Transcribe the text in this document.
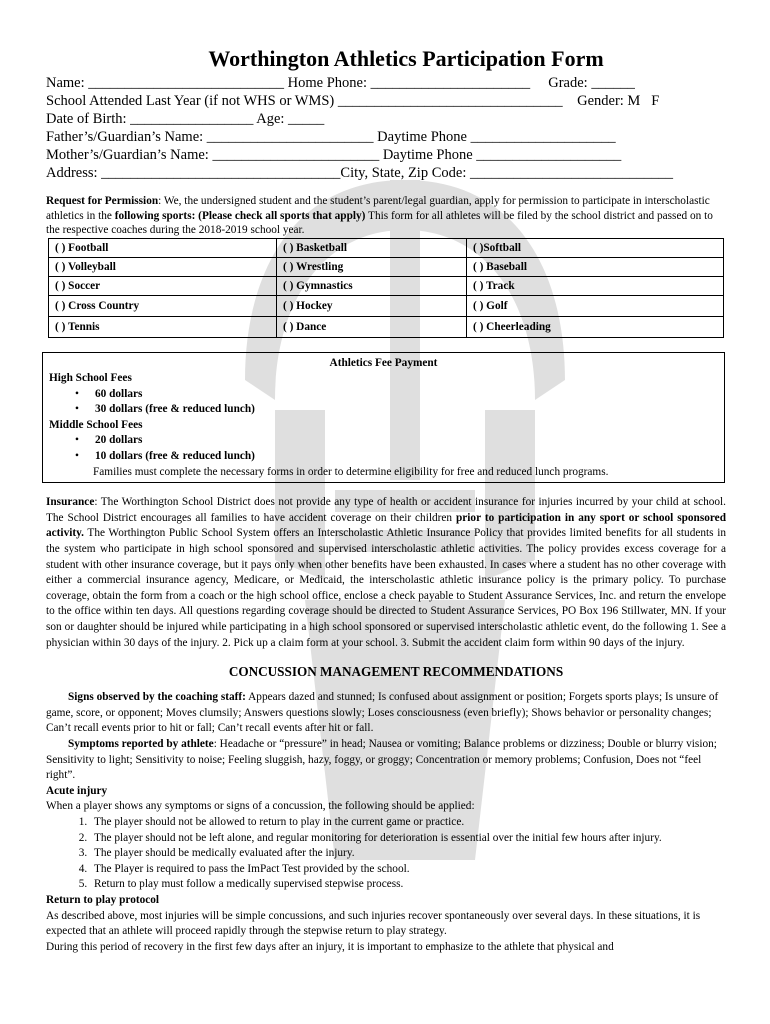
Worthington Athletics Participation Form
Name: ___________________________ Home Phone: ______________________     Grade: ______
School Attended Last Year (if not WHS or WMS) _______________________________    Gender: M   F
Date of Birth: _________________ Age: _____
Father’s/Guardian’s Name: _______________________ Daytime Phone ____________________
Mother’s/Guardian’s Name: _______________________ Daytime Phone ____________________
Address: _________________________________City, State, Zip Code: ____________________________

Request for Permission: We, the undersigned student and the student’s parent/legal guardian, apply for permission to participate in interscholastic athletics in the following sports: (Please check all sports that apply) This form for all athletes will be filed by the school district and passed on to the respective coaches during the 2018-2019 school year.

( ) Football	( ) Basketball	( )Softball
( ) Volleyball	( ) Wrestling	( ) Baseball
( ) Soccer	( ) Gymnastics	( ) Track
( ) Cross Country	( ) Hockey	( ) Golf
( ) Tennis	( ) Dance	( ) Cheerleading
Athletics Fee Payment
High School Fees
• 60 dollars
• 30 dollars (free & reduced lunch)
Middle School Fees
• 20 dollars
• 10 dollars (free & reduced lunch)
Families must complete the necessary forms in order to determine eligibility for free and reduced lunch programs.

Insurance: The Worthington School District does not provide any type of health or accident insurance for injuries incurred by your child at school. The School District encourages all families to have accident coverage on their children prior to participation in any sport or school sponsored activity. The Worthington Public School System offers an Interscholastic Athletic Insurance Policy that provides limited benefits for all students in the system who participate in high school sponsored and supervised interscholastic athletic activities. The policy provides excess coverage for a student with other insurance coverage, but it pays only when other benefits have been exhausted. In cases where a student has no other coverage with either a commercial insurance agency, Medicare, or Medicaid, the interscholastic athletic insurance policy is the primary policy. To purchase coverage, obtain the form from a coach or the high school office, enclose a check payable to Student Assurance Services, Inc. and return the envelope to the office within ten days. All questions regarding coverage should be directed to Student Assurance Services, PO Box 196 Stillwater, MN. If your son or daughter should be injured while participating in a high school sponsored or supervised interscholastic athletic event, do the following 1. See a physician within 30 days of the injury. 2. Pick up a claim form at your school. 3. Submit the accident claim form within 90 days of the injury.

CONCUSSION MANAGEMENT RECOMMENDATIONS

Signs observed by the coaching staff: Appears dazed and stunned; Is confused about assignment or position; Forgets sports plays; Is unsure of game, score, or opponent; Moves clumsily; Answers questions slowly; Loses consciousness (even briefly); Shows behavior or personality changes; Can’t recall events prior to hit or fall; Can’t recall events after hit or fall.

Symptoms reported by athlete: Headache or “pressure” in head; Nausea or vomiting; Balance problems or dizziness; Double or blurry vision; Sensitivity to light; Sensitivity to noise; Feeling sluggish, hazy, foggy, or groggy; Concentration or memory problems; Confusion, Does not “feel right”.

Acute injury

When a player shows any symptoms or signs of a concussion, the following should be applied:

1. The player should not be allowed to return to play in the current game or practice.
2. The player should not be left alone, and regular monitoring for deterioration is essential over the initial few hours after injury.
3. The player should be medically evaluated after the injury.
4. The Player is required to pass the ImPact Test provided by the school.
5. Return to play must follow a medically supervised stepwise process.

Return to play protocol

As described above, most injuries will be simple concussions, and such injuries recover spontaneously over several days. In these situations, it is expected that an athlete will proceed rapidly through the stepwise return to play strategy.

During this period of recovery in the first few days after an injury, it is important to emphasize to the athlete that physical and
